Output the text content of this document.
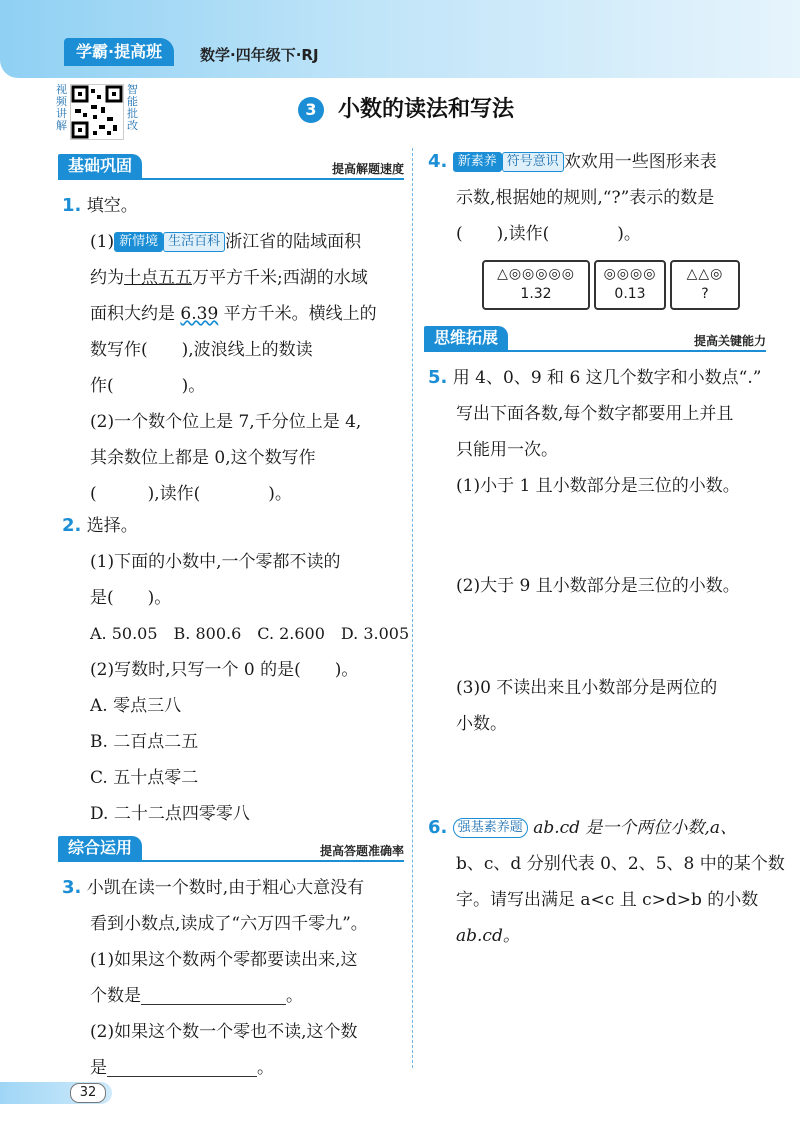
学霸·提高班	数学·四年级下·RJ
视频讲解
智能批改
3 小数的读法和写法
基础巩固	提高解题速度
1. 填空。
(1) 新情境 生活百科 浙江省的陆域面积
约为十点五五万平方千米;西湖的水域
面积大约是 6.39 平方千米。横线上的
数写作(　　),波浪线上的数读
作(　　　　)。
(2)一个数个位上是 7,千分位上是 4,
其余数位上都是 0,这个数写作
(　　　),读作(　　　　)。
2. 选择。
(1)下面的小数中,一个零都不读的
是(　　)。
A. 50.05　B. 800.6　C. 2.600　D. 3.005
(2)写数时,只写一个 0 的是(　　)。
A. 零点三八
B. 二百点二五
C. 五十点零二
D. 二十二点四零零八
综合运用	提高答题准确率
3. 小凯在读一个数时,由于粗心大意没有
看到小数点,读成了“六万四千零九”。
(1)如果这个数两个零都要读出来,这
个数是	。
(2)如果这个数一个零也不读,这个数
是	。
4. 新素养 符号意识 欢欢用一些图形来表
示数,根据她的规则,“?”表示的数是
(　　),读作(　　　　)。
△◎◎◎◎◎
1.32
◎◎◎◎
0.13
△△◎
?
思维拓展	提高关键能力
5. 用 4、0、9 和 6 这几个数字和小数点“.”
写出下面各数,每个数字都要用上并且
只能用一次。
(1)小于 1 且小数部分是三位的小数。
(2)大于 9 且小数部分是三位的小数。
(3)0 不读出来且小数部分是两位的
小数。
6. 强基素养题 ab.cd 是一个两位小数,a、
b、c、d 分别代表 0、2、5、8 中的某个数
字。请写出满足 a<c 且 c>d>b 的小数
ab.cd。
32
